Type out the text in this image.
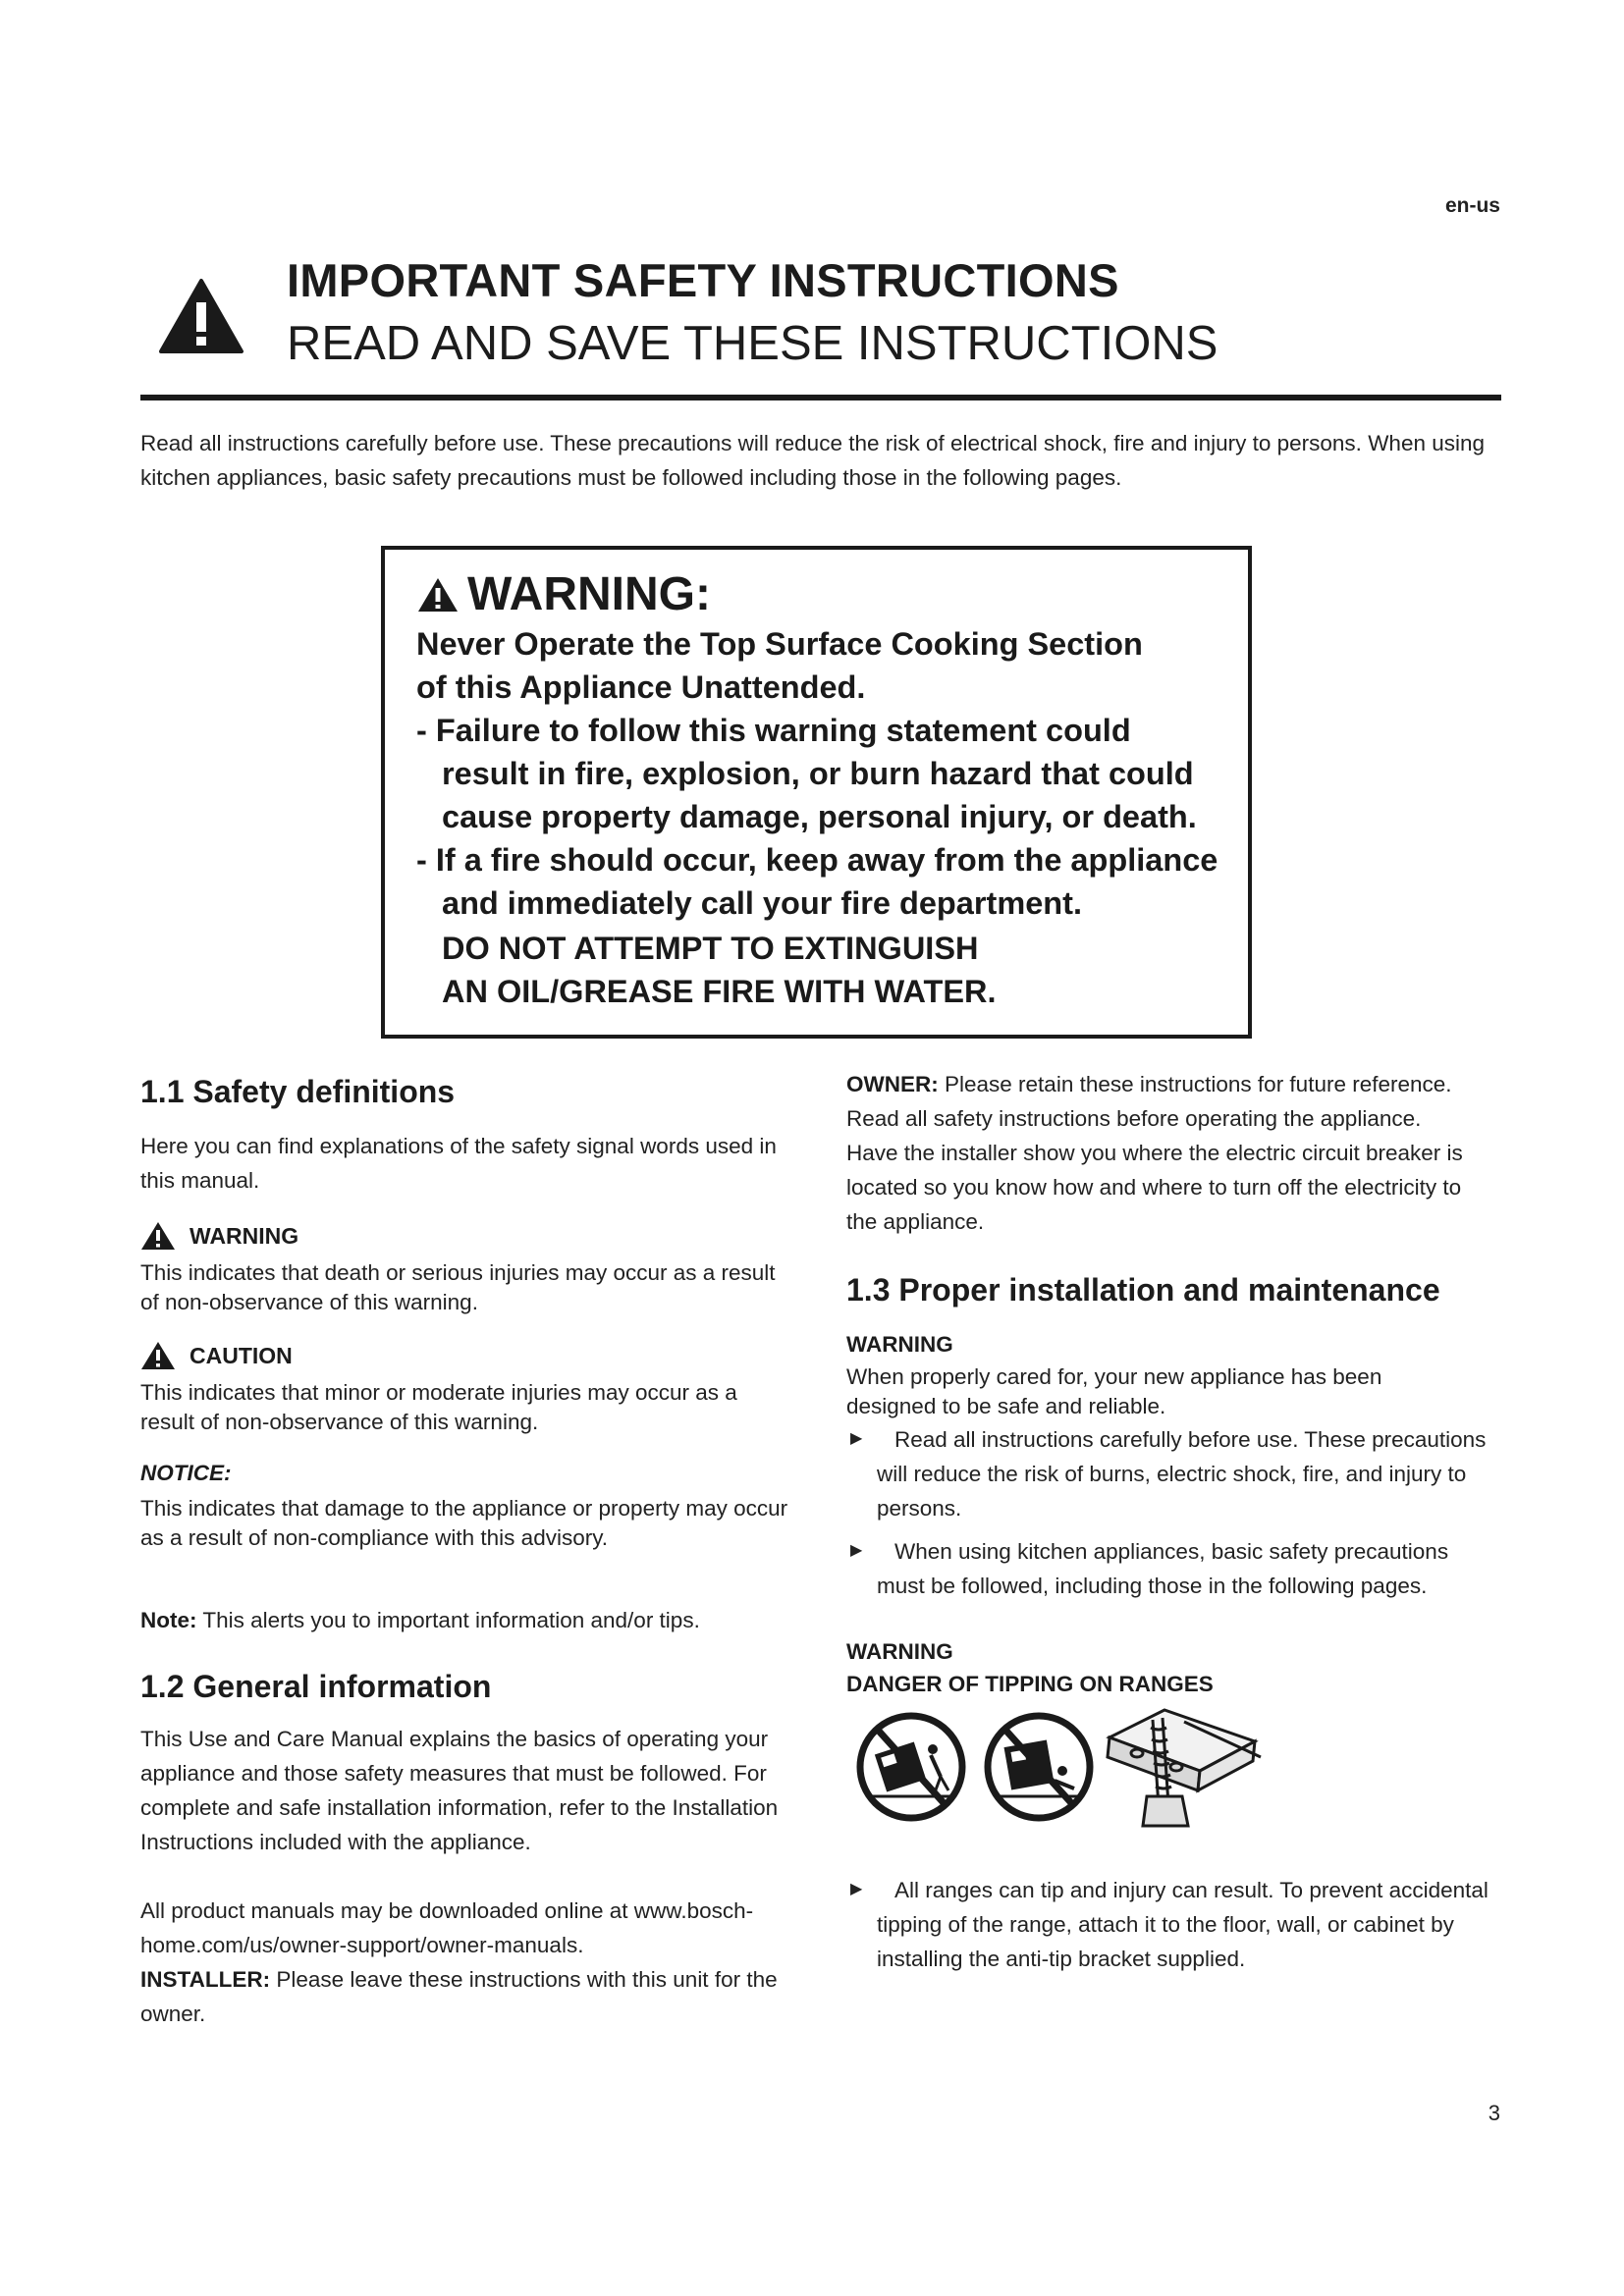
en-us
IMPORTANT SAFETY INSTRUCTIONS
READ AND SAVE THESE INSTRUCTIONS
Read all instructions carefully before use. These precautions will reduce the risk of electrical shock, fire and injury to persons. When using kitchen appliances, basic safety precautions must be followed including those in the following pages.
WARNING:
Never Operate the Top Surface Cooking Section
of this Appliance Unattended.
- Failure to follow this warning statement could
result in fire, explosion, or burn hazard that could
cause property damage, personal injury, or death.
- If a fire should occur, keep away from the appliance
and immediately call your fire department.
DO NOT ATTEMPT TO EXTINGUISH
AN OIL/GREASE FIRE WITH WATER.
1.1 Safety definitions
Here you can find explanations of the safety signal words used in this manual.
WARNING
This indicates that death or serious injuries may occur as a result of non-observance of this warning.
CAUTION
This indicates that minor or moderate injuries may occur as a result of non-observance of this warning.
NOTICE:
This indicates that damage to the appliance or property may occur as a result of non-compliance with this advisory.
Note: This alerts you to important information and/or tips.
1.2 General information
This Use and Care Manual explains the basics of operating your appliance and those safety measures that must be followed. For complete and safe installation information, refer to the Installation Instructions included with the appliance.
All product manuals may be downloaded online at www.bosch-home.com/us/owner-support/owner-manuals.
INSTALLER: Please leave these instructions with this unit for the owner.
OWNER: Please retain these instructions for future reference. Read all safety instructions before operating the appliance. Have the installer show you where the electric circuit breaker is located so you know how and where to turn off the electricity to the appliance.
1.3 Proper installation and maintenance
WARNING
When properly cared for, your new appliance has been designed to be safe and reliable.
▶	Read all instructions carefully before use. These precautions will reduce the risk of burns, electric shock, fire, and injury to persons.
▶	When using kitchen appliances, basic safety precautions must be followed, including those in the following pages.
WARNING
DANGER OF TIPPING ON RANGES
▶	All ranges can tip and injury can result. To prevent accidental tipping of the range, attach it to the floor, wall, or cabinet by installing the anti-tip bracket supplied.
3
